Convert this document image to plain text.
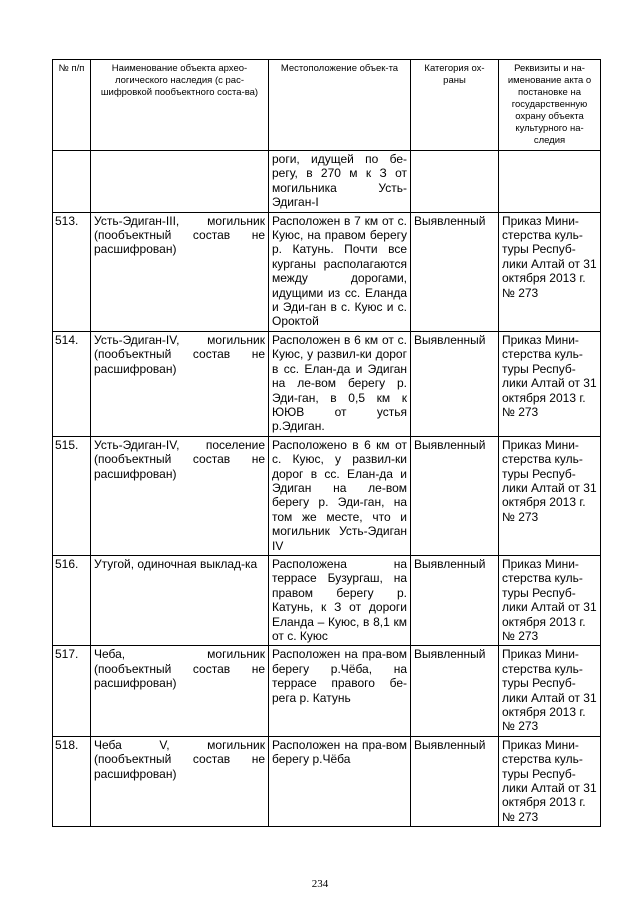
№ п/п	Наименование объекта архео-логического наследия (с рас-шифровкой пообъектного соста-ва)	Местоположение объек-та	Категория ох-раны	Реквизиты и на-именование акта о постановке на государственную охрану объекта культурного на-следия
		роги, идущей по бе-регу, в 270 м к З от могильника Усть-Эдиган-I		
513.	Усть-Эдиган-III, могильник (пообъектный состав не расшифрован)	Расположен в 7 км от с. Куюс, на правом берегу р. Катунь. Почти все курганы располагаются между дорогами, идущими из сс. Еланда и Эди-ган в с. Куюс и с. Ороктой	Выявленный	Приказ Мини-стерства куль-туры Респуб-лики Алтай от 31 октября 2013 г. № 273
514.	Усть-Эдиган-IV, могильник (пообъектный состав не расшифрован)	Расположен в 6 км от с. Куюс, у развил-ки дорог в сс. Елан-да и Эдиган на ле-вом берегу р. Эди-ган, в 0,5 км к ЮЮВ от устья р.Эдиган.	Выявленный	Приказ Мини-стерства куль-туры Респуб-лики Алтай от 31 октября 2013 г. № 273
515.	Усть-Эдиган-IV, поселение (пообъектный состав не расшифрован)	Расположено в 6 км от с. Куюс, у развил-ки дорог в сс. Елан-да и Эдиган на ле-вом берегу р. Эди-ган, на том же месте, что и могильник Усть-Эдиган IV	Выявленный	Приказ Мини-стерства куль-туры Респуб-лики Алтай от 31 октября 2013 г. № 273
516.	Утугой, одиночная выклад-ка	Расположена на террасе Бузургаш, на правом берегу р. Катунь, к З от дороги Еланда – Куюс, в 8,1 км от с. Куюс	Выявленный	Приказ Мини-стерства куль-туры Респуб-лики Алтай от 31 октября 2013 г. № 273
517.	Чеба, могильник (пообъектный состав не расшифрован)	Расположен на пра-вом берегу р.Чёба, на террасе правого бе-рега р. Катунь	Выявленный	Приказ Мини-стерства куль-туры Респуб-лики Алтай от 31 октября 2013 г. № 273
518.	Чеба V, могильник (пообъектный состав не расшифрован)	Расположен на пра-вом берегу р.Чёба	Выявленный	Приказ Мини-стерства куль-туры Респуб-лики Алтай от 31 октября 2013 г. № 273
234
